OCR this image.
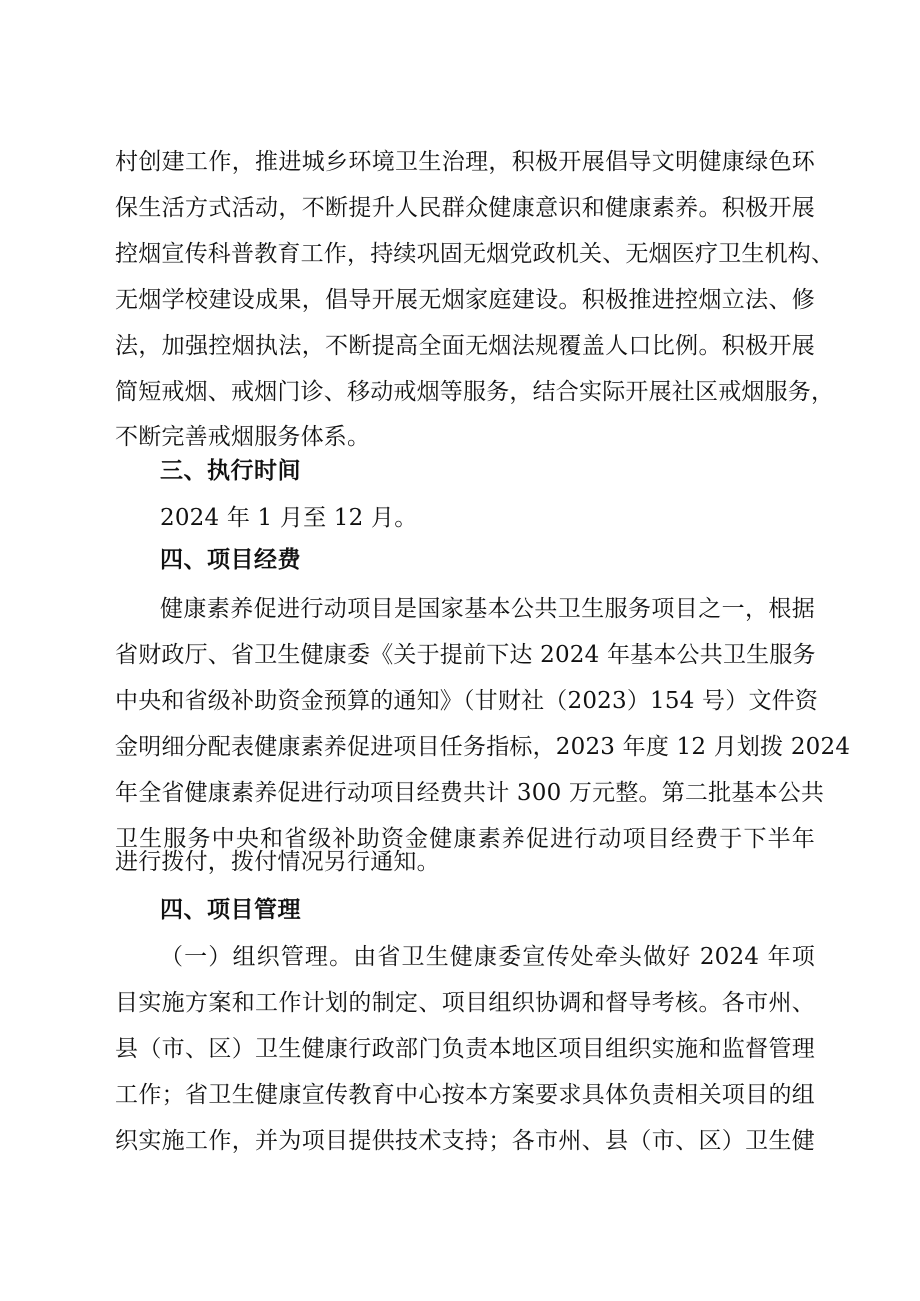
村创建工作，推进城乡环境卫生治理，积极开展倡导文明健康绿色环
保生活方式活动，不断提升人民群众健康意识和健康素养。积极开展
控烟宣传科普教育工作，持续巩固无烟党政机关、无烟医疗卫生机构、
无烟学校建设成果，倡导开展无烟家庭建设。积极推进控烟立法、修
法，加强控烟执法，不断提高全面无烟法规覆盖人口比例。积极开展
简短戒烟、戒烟门诊、移动戒烟等服务，结合实际开展社区戒烟服务，
不断完善戒烟服务体系。
三、执行时间
2024 年 1 月至 12 月。
四、项目经费
健康素养促进行动项目是国家基本公共卫生服务项目之一，根据
省财政厅、省卫生健康委《关于提前下达 2024 年基本公共卫生服务
中央和省级补助资金预算的通知》（甘财社（2023）154 号）文件资
金明细分配表健康素养促进项目任务指标，2023 年度 12 月划拨 2024
年全省健康素养促进行动项目经费共计 300 万元整。第二批基本公共
卫生服务中央和省级补助资金健康素养促进行动项目经费于下半年
进行拨付，拨付情况另行通知。
四、项目管理
（一）组织管理。由省卫生健康委宣传处牵头做好 2024 年项
目实施方案和工作计划的制定、项目组织协调和督导考核。各市州、
县（市、区）卫生健康行政部门负责本地区项目组织实施和监督管理
工作；省卫生健康宣传教育中心按本方案要求具体负责相关项目的组
织实施工作，并为项目提供技术支持；各市州、县（市、区）卫生健
